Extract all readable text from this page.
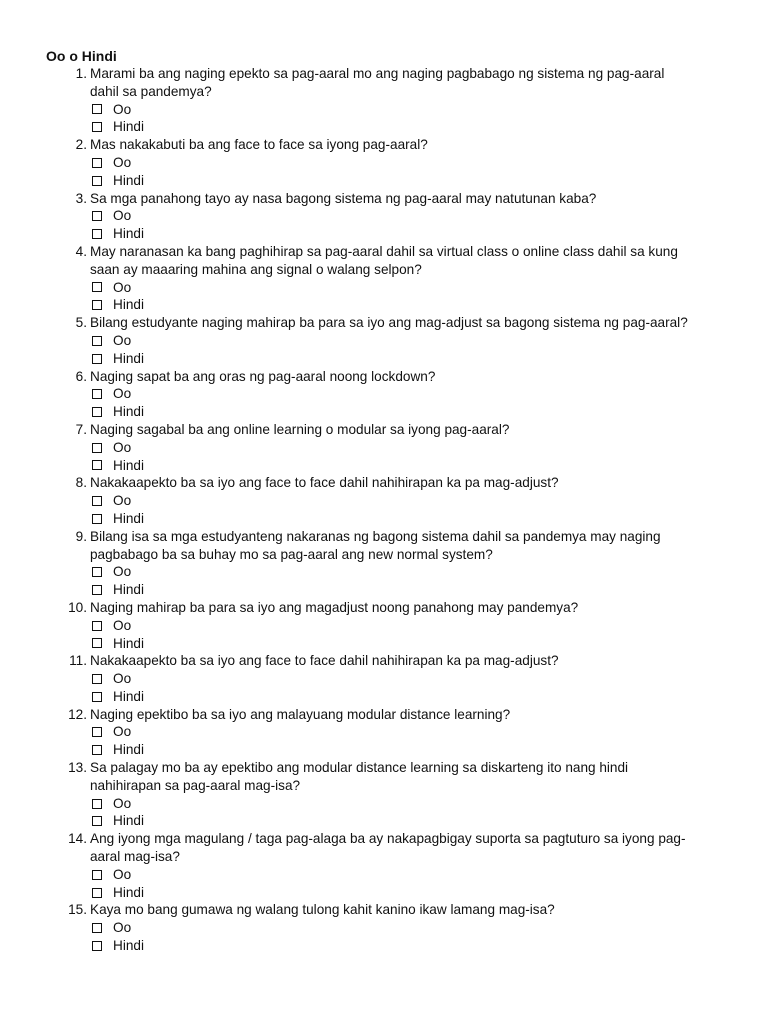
Oo o Hindi
1. Marami ba ang naging epekto sa pag-aaral mo ang naging pagbabago ng sistema ng pag-aaral dahil sa pandemya?
Oo
Hindi
2. Mas nakakabuti ba ang face to face sa iyong pag-aaral?
Oo
Hindi
3. Sa mga panahong tayo ay nasa bagong sistema ng pag-aaral may natutunan kaba?
Oo
Hindi
4. May naranasan ka bang paghihirap sa pag-aaral dahil sa virtual class o online class dahil sa kung saan ay maaaring mahina ang signal o walang selpon?
Oo
Hindi
5. Bilang estudyante naging mahirap ba para sa iyo ang mag-adjust sa bagong sistema ng pag-aaral?
Oo
Hindi
6. Naging sapat ba ang oras ng pag-aaral noong lockdown?
Oo
Hindi
7. Naging sagabal ba ang online learning o modular sa iyong pag-aaral?
Oo
Hindi
8. Nakakaapekto ba sa iyo ang face to face dahil nahihirapan ka pa mag-adjust?
Oo
Hindi
9. Bilang isa sa mga estudyanteng nakaranas ng bagong sistema dahil sa pandemya may naging pagbabago ba sa buhay mo sa pag-aaral ang new normal system?
Oo
Hindi
10. Naging mahirap ba para sa iyo ang magadjust noong panahong may pandemya?
Oo
Hindi
11. Nakakaapekto ba sa iyo ang face to face dahil nahihirapan ka pa mag-adjust?
Oo
Hindi
12. Naging epektibo ba sa iyo ang malayuang modular distance learning?
Oo
Hindi
13. Sa palagay mo ba ay epektibo ang modular distance learning sa diskarteng ito nang hindi nahihirapan sa pag-aaral mag-isa?
Oo
Hindi
14. Ang iyong mga magulang / taga pag-alaga ba ay nakapagbigay suporta sa pagtuturo sa iyong pag-aaral mag-isa?
Oo
Hindi
15. Kaya mo bang gumawa ng walang tulong kahit kanino ikaw lamang mag-isa?
Oo
Hindi
